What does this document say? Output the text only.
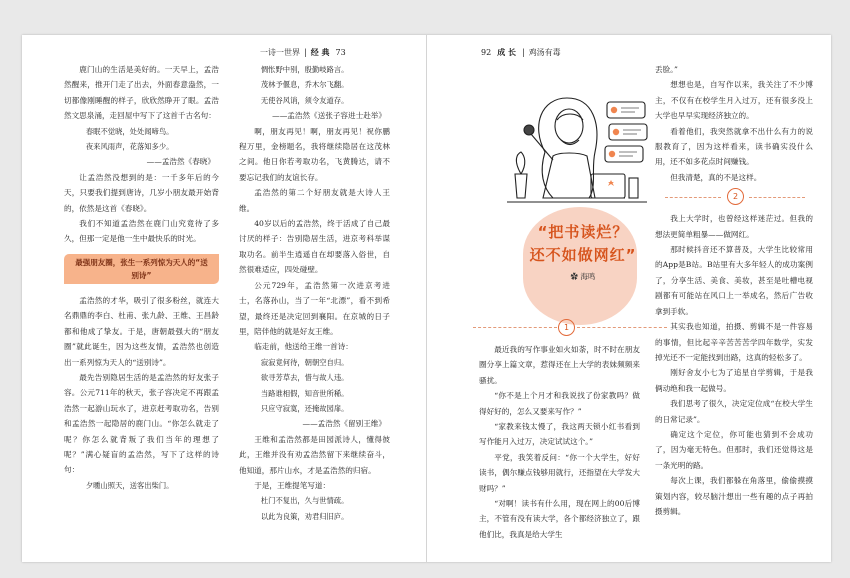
一诗一世界 | 经 典 73

鹿门山的生活是美好的。一天早上，孟浩然醒来，推开门走了出去，外面春意盎然，一切都像刚睡醒的样子，欣欣然睁开了眼。孟浩然文思泉涌，走回屋中写下了这首千古名句：

春眠不觉晓，处处闻啼鸟。

夜来风雨声，花落知多少。

——孟浩然《春晓》

让孟浩然没想到的是：一千多年后的今天，只要我们提到唐诗，几岁小朋友最开始背的，依然是这首《春晓》。

我们不知道孟浩然在鹿门山究竟待了多久，但那一定是他一生中最快乐的时光。

最强朋友圈，张生一系列惊为天人的“送别诗”

孟浩然的才华，吸引了很多粉丝，就连大名鼎鼎的李白、杜甫、张九龄、王维、王昌龄都和他成了挚友。于是，唐朝最强大的“朋友圈”就此诞生，因为这些友情，孟浩然也创造出一系列惊为天人的“送别诗”。

最先告别隐居生活的是孟浩然的好友张子容。公元711年的秋天，张子容决定不再跟孟浩然一起游山玩水了，进京赶考取功名，告别和孟浩然一起隐居的鹿门山。“你怎么就走了呢？你怎么就背叛了我们当年的理想了呢？”满心疑盲的孟浩然，写下了这样的诗句：

夕曛山照天，送客出柴门。

惆怅野中别，殷勤岐路言。

茂林予偃息，乔木尔飞翻。

无使谷风诮，须令友道存。

——孟浩然《送张子容进士赴举》

啊，朋友再见！啊，朋友再见！祝你鹏程万里，金榜题名，我将继续隐居在这茂林之间。他日你若考取功名，飞黄腾达，请不要忘记我们的友谊长存。

孟浩然的第二个好朋友就是大诗人王维。

40岁以后的孟浩然，终于活成了自己最讨厌的样子：告别隐居生活，进京考科举谋取功名。前半生逍遥自在却要落入俗世，自然很难适应，四处碰壁。

公元729年，孟浩然第一次进京考进士，名落孙山，当了一年“北漂”，看不到希望，最终还是决定回到襄阳。在京城的日子里，陪伴他的就是好友王维。

临走前，他送给王维一首诗：

寂寂竟何待，朝朝空自归。

欲寻芳草去，惜与故人违。

当路谁相假，知音世所稀。

只应守寂寞，还掩故园扉。

——孟浩然《留别王维》

王维和孟浩然都是田园派诗人，懂得彼此，王维并没有劝孟浩然留下来继续奋斗，他知道，那片山水，才是孟浩然的归宿。

于是，王维提笔写道：

杜门不复出，久与世情疏。

以此为良策，劝君归旧庐。

92 成 长 | 鸡汤有毒
“把书读烂？
还不如做网红”
✿ 海鸣
1

最近我的写作事业如火如荼，时不时在朋友圈分享上篇文章，惹得还在上大学的表妹频频来骚扰。

“你不是上个月才和我说找了份家教吗？做得好好的，怎么又要来写作？”

“家教来钱太慢了，我这两天锁小红书看到写作能月入过万，决定试试这个。”

平党，我笑着反问：“你一个大学生，好好读书，偶尔赚点钱够用就行，还指望在大学发大财吗？”

“对啊！读书有什么用，现在网上的00后博主，不管有没有读大学，各个都经济独立了，跟他们比，我真是给大学生

丢脸。”

想想也是，自写作以来，我关注了不少博主，不仅有在校学生月入过万，还有很多没上大学也早早实现经济独立的。

看着他们，我突然就拿不出什么有力的说服教育了，因为这样看来，读书确实没什么用，还不如多花点时间赚钱。

但我清楚，真的不是这样。

2

我上大学时，也曾经这样迷茫过。但我的想法更简单粗暴——做网红。

那时候抖音还不算普及，大学生比较常用的App是B站。B站里有大多年轻人的成功案例了，分享生活、美食、美妆，甚至是吐槽电视剧都有可能站在风口上一举成名，然后广告收拿到手软。

其实我也知道，拍摄、剪辑不是一件容易的事情，但比起辛辛苦苦苦学四年数学，实发掉光还不一定能找到出路，这真的轻松多了。

刚好舍友小七为了追星自学剪辑，于是我俩动绝和我一起做号。

我们思考了很久，决定定位成“在校大学生的日常记录”。

确定这个定位，你可能也猜到不会成功了，因为毫无特色。但那时，我们还觉得这是一条光明的路。

每次上课，我们都躲在角落里，偷偷摸摸策划内容，较尽脑汁想出一些有趣的点子再拍摄剪辑。
